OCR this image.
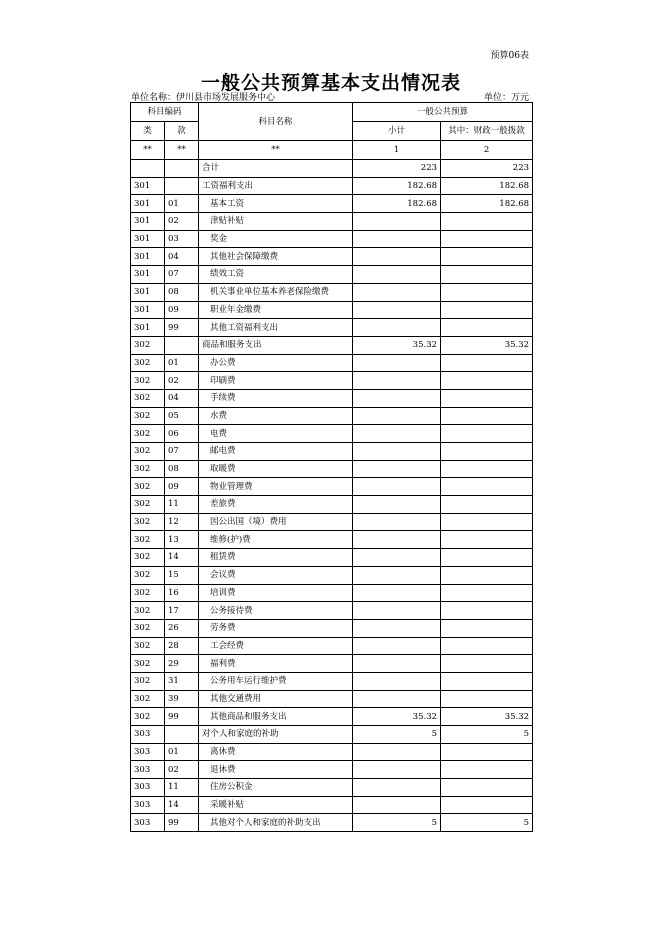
预算06表
一般公共预算基本支出情况表
单位名称：伊川县市场发展服务中心	单位：万元
科目编码		科目名称	一般公共预算	
类	款		小计	其中：财政一般拨款
**	**	**	1	2
		合计	223	223
301		工资福利支出	182.68	182.68
301	01	基本工资	182.68	182.68
301	02	津贴补贴		
301	03	奖金		
301	04	其他社会保障缴费		
301	07	绩效工资		
301	08	机关事业单位基本养老保险缴费		
301	09	职业年金缴费		
301	99	其他工资福利支出		
302		商品和服务支出	35.32	35.32
302	01	办公费		
302	02	印刷费		
302	04	手续费		
302	05	水费		
302	06	电费		
302	07	邮电费		
302	08	取暖费		
302	09	物业管理费		
302	11	差旅费		
302	12	因公出国（境）费用		
302	13	维修(护)费		
302	14	租赁费		
302	15	会议费		
302	16	培训费		
302	17	公务接待费		
302	26	劳务费		
302	28	工会经费		
302	29	福利费		
302	31	公务用车运行维护费		
302	39	其他交通费用		
302	99	其他商品和服务支出	35.32	35.32
303		对个人和家庭的补助	5	5
303	01	离休费		
303	02	退休费		
303	11	住房公积金		
303	14	采暖补贴		
303	99	其他对个人和家庭的补助支出	5	5
